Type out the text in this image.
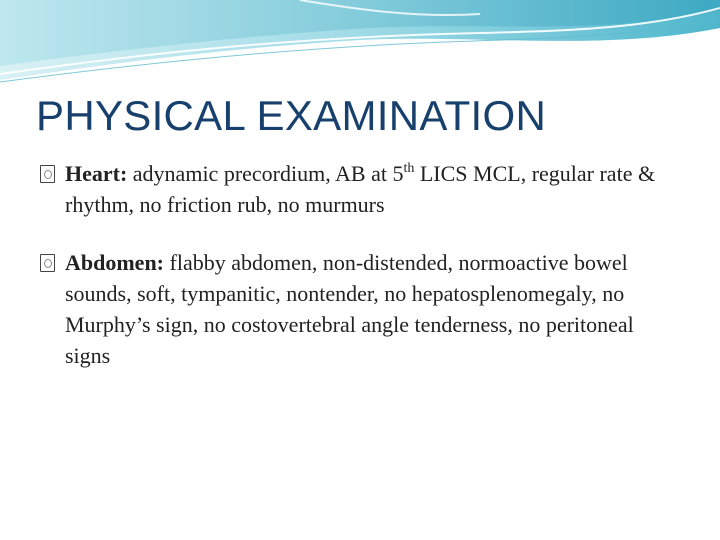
PHYSICAL EXAMINATION
Heart: adynamic precordium, AB at 5th LICS MCL, regular rate & rhythm, no friction rub, no murmurs
Abdomen: flabby abdomen, non-distended, normoactive bowel sounds, soft, tympanitic, nontender, no hepatosplenomegaly, no Murphy’s sign, no costovertebral angle tenderness, no peritoneal signs
